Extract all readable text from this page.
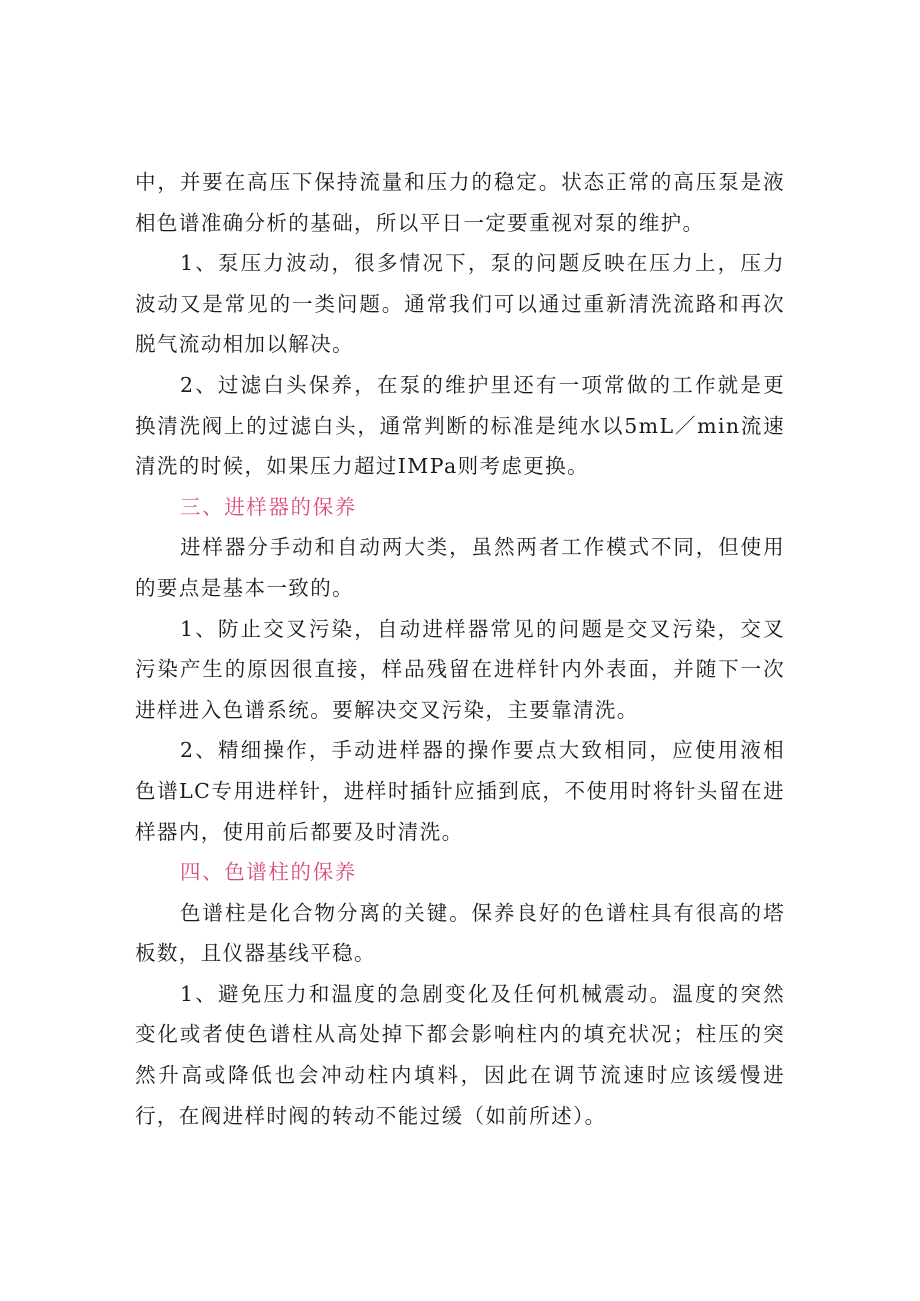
中，并要在高压下保持流量和压力的稳定。状态正常的高压泵是液相色谱准确分析的基础，所以平日一定要重视对泵的维护。

1、泵压力波动，很多情况下，泵的问题反映在压力上，压力波动又是常见的一类问题。通常我们可以通过重新清洗流路和再次脱气流动相加以解决。

2、过滤白头保养，在泵的维护里还有一项常做的工作就是更换清洗阀上的过滤白头，通常判断的标准是纯水以5mL／min流速清洗的时候，如果压力超过IMPa则考虑更换。

三、进样器的保养

进样器分手动和自动两大类，虽然两者工作模式不同，但使用的要点是基本一致的。

1、防止交叉污染，自动进样器常见的问题是交叉污染，交叉污染产生的原因很直接，样品残留在进样针内外表面，并随下一次进样进入色谱系统。要解决交叉污染，主要靠清洗。

2、精细操作，手动进样器的操作要点大致相同，应使用液相色谱LC专用进样针，进样时插针应插到底，不使用时将针头留在进样器内，使用前后都要及时清洗。

四、色谱柱的保养

色谱柱是化合物分离的关键。保养良好的色谱柱具有很高的塔板数，且仪器基线平稳。

1、避免压力和温度的急剧变化及任何机械震动。温度的突然变化或者使色谱柱从高处掉下都会影响柱内的填充状况；柱压的突然升高或降低也会冲动柱内填料，因此在调节流速时应该缓慢进行，在阀进样时阀的转动不能过缓（如前所述）。
